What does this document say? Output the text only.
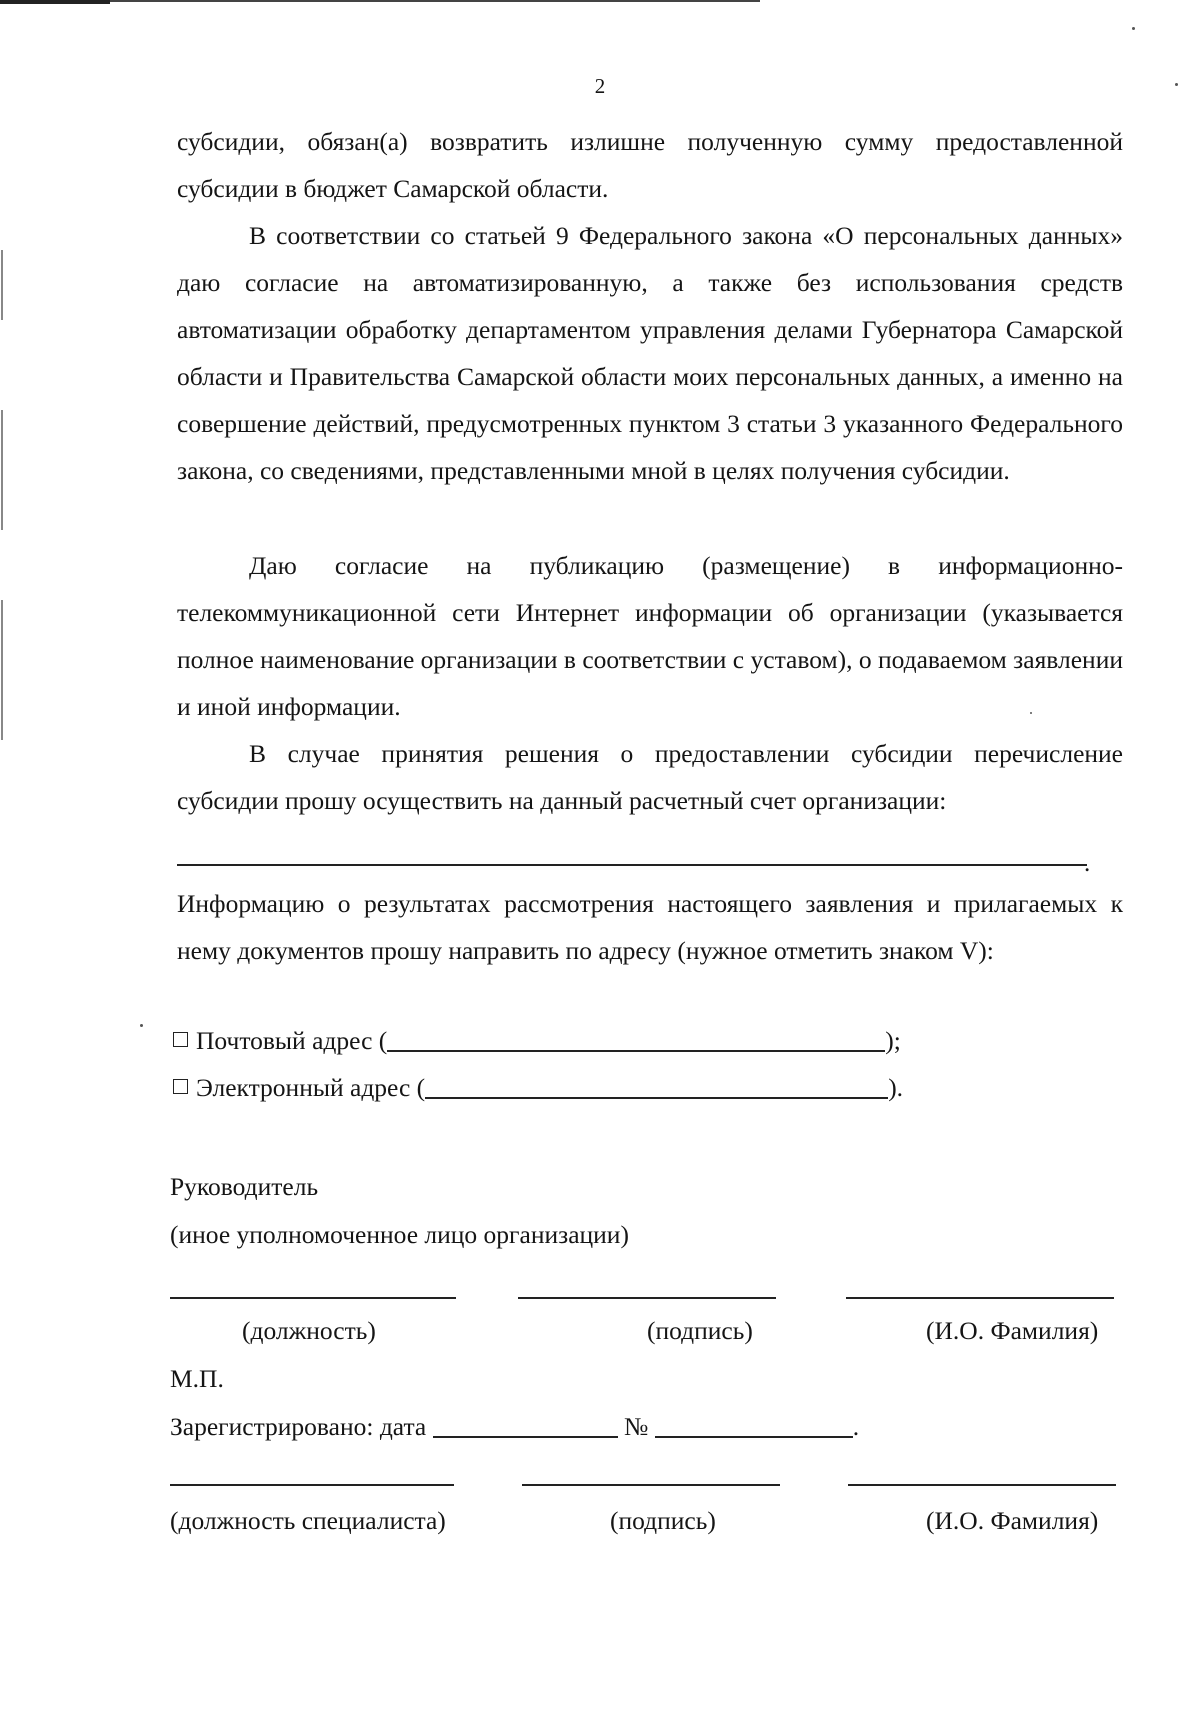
2
субсидии, обязан(а) возвратить излишне полученную сумму предоставленной
субсидии в бюджет Самарской области.

В соответствии со статьей 9 Федерального закона «О персональных данных» даю согласие на автоматизированную, а также без использования средств автоматизации обработку департаментом управления делами Губернатора Самарской области и Правительства Самарской области моих персональных данных, а именно на совершение действий, предусмотренных пунктом 3 статьи 3 указанного Федерального закона, со сведениями, представленными мной в целях получения субсидии.

Даю согласие на публикацию (размещение) в информационно-телекоммуникационной сети Интернет информации об организации (указывается полное наименование организации в соответствии с уставом), о подаваемом заявлении и иной информации.

В случае принятия решения о предоставлении субсидии перечисление субсидии прошу осуществить на данный расчетный счет организации:

.

Информацию о результатах рассмотрения настоящего заявления и прилагаемых к нему документов прошу направить по адресу (нужное отметить знаком V):

Почтовый адрес (	);
Электронный адрес (	).
Руководитель
(иное уполномоченное лицо организации)
(должность)	(подпись)	(И.О. Фамилия)
М.П.
Зарегистрировано: дата	№	.
(должность специалиста)	(подпись)	(И.О. Фамилия)
